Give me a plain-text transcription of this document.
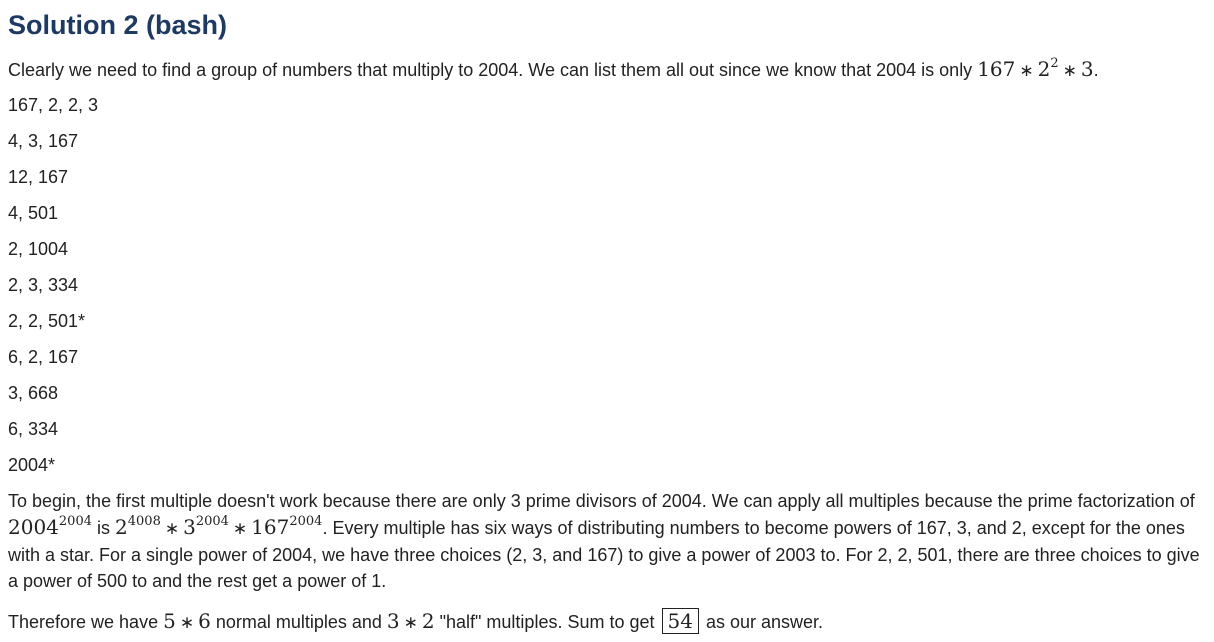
Solution 2 (bash)

Clearly we need to find a group of numbers that multiply to 2004. We can list them all out since we know that 2004 is only 167 ∗ $2^2$ ∗ 3.

167, 2, 2, 3

4, 3, 167

12, 167

4, 501

2, 1004

2, 3, 334

2, 2, 501*

6, 2, 167

3, 668

6, 334

2004*

To begin, the first multiple doesn't work because there are only 3 prime divisors of 2004. We can apply all multiples because the prime factorization of $2004^{2004}$ is $2^{4008}$ ∗ $3^{2004}$ ∗ $167^{2004}$. Every multiple has six ways of distributing numbers to become powers of 167, 3, and 2, except for the ones with a star. For a single power of 2004, we have three choices (2, 3, and 167) to give a power of 2003 to. For 2, 2, 501, there are three choices to give a power of 500 to and the rest get a power of 1.

Therefore we have 5 ∗ 6 normal multiples and 3 ∗ 2 "half" multiples. Sum to get 54 as our answer.
